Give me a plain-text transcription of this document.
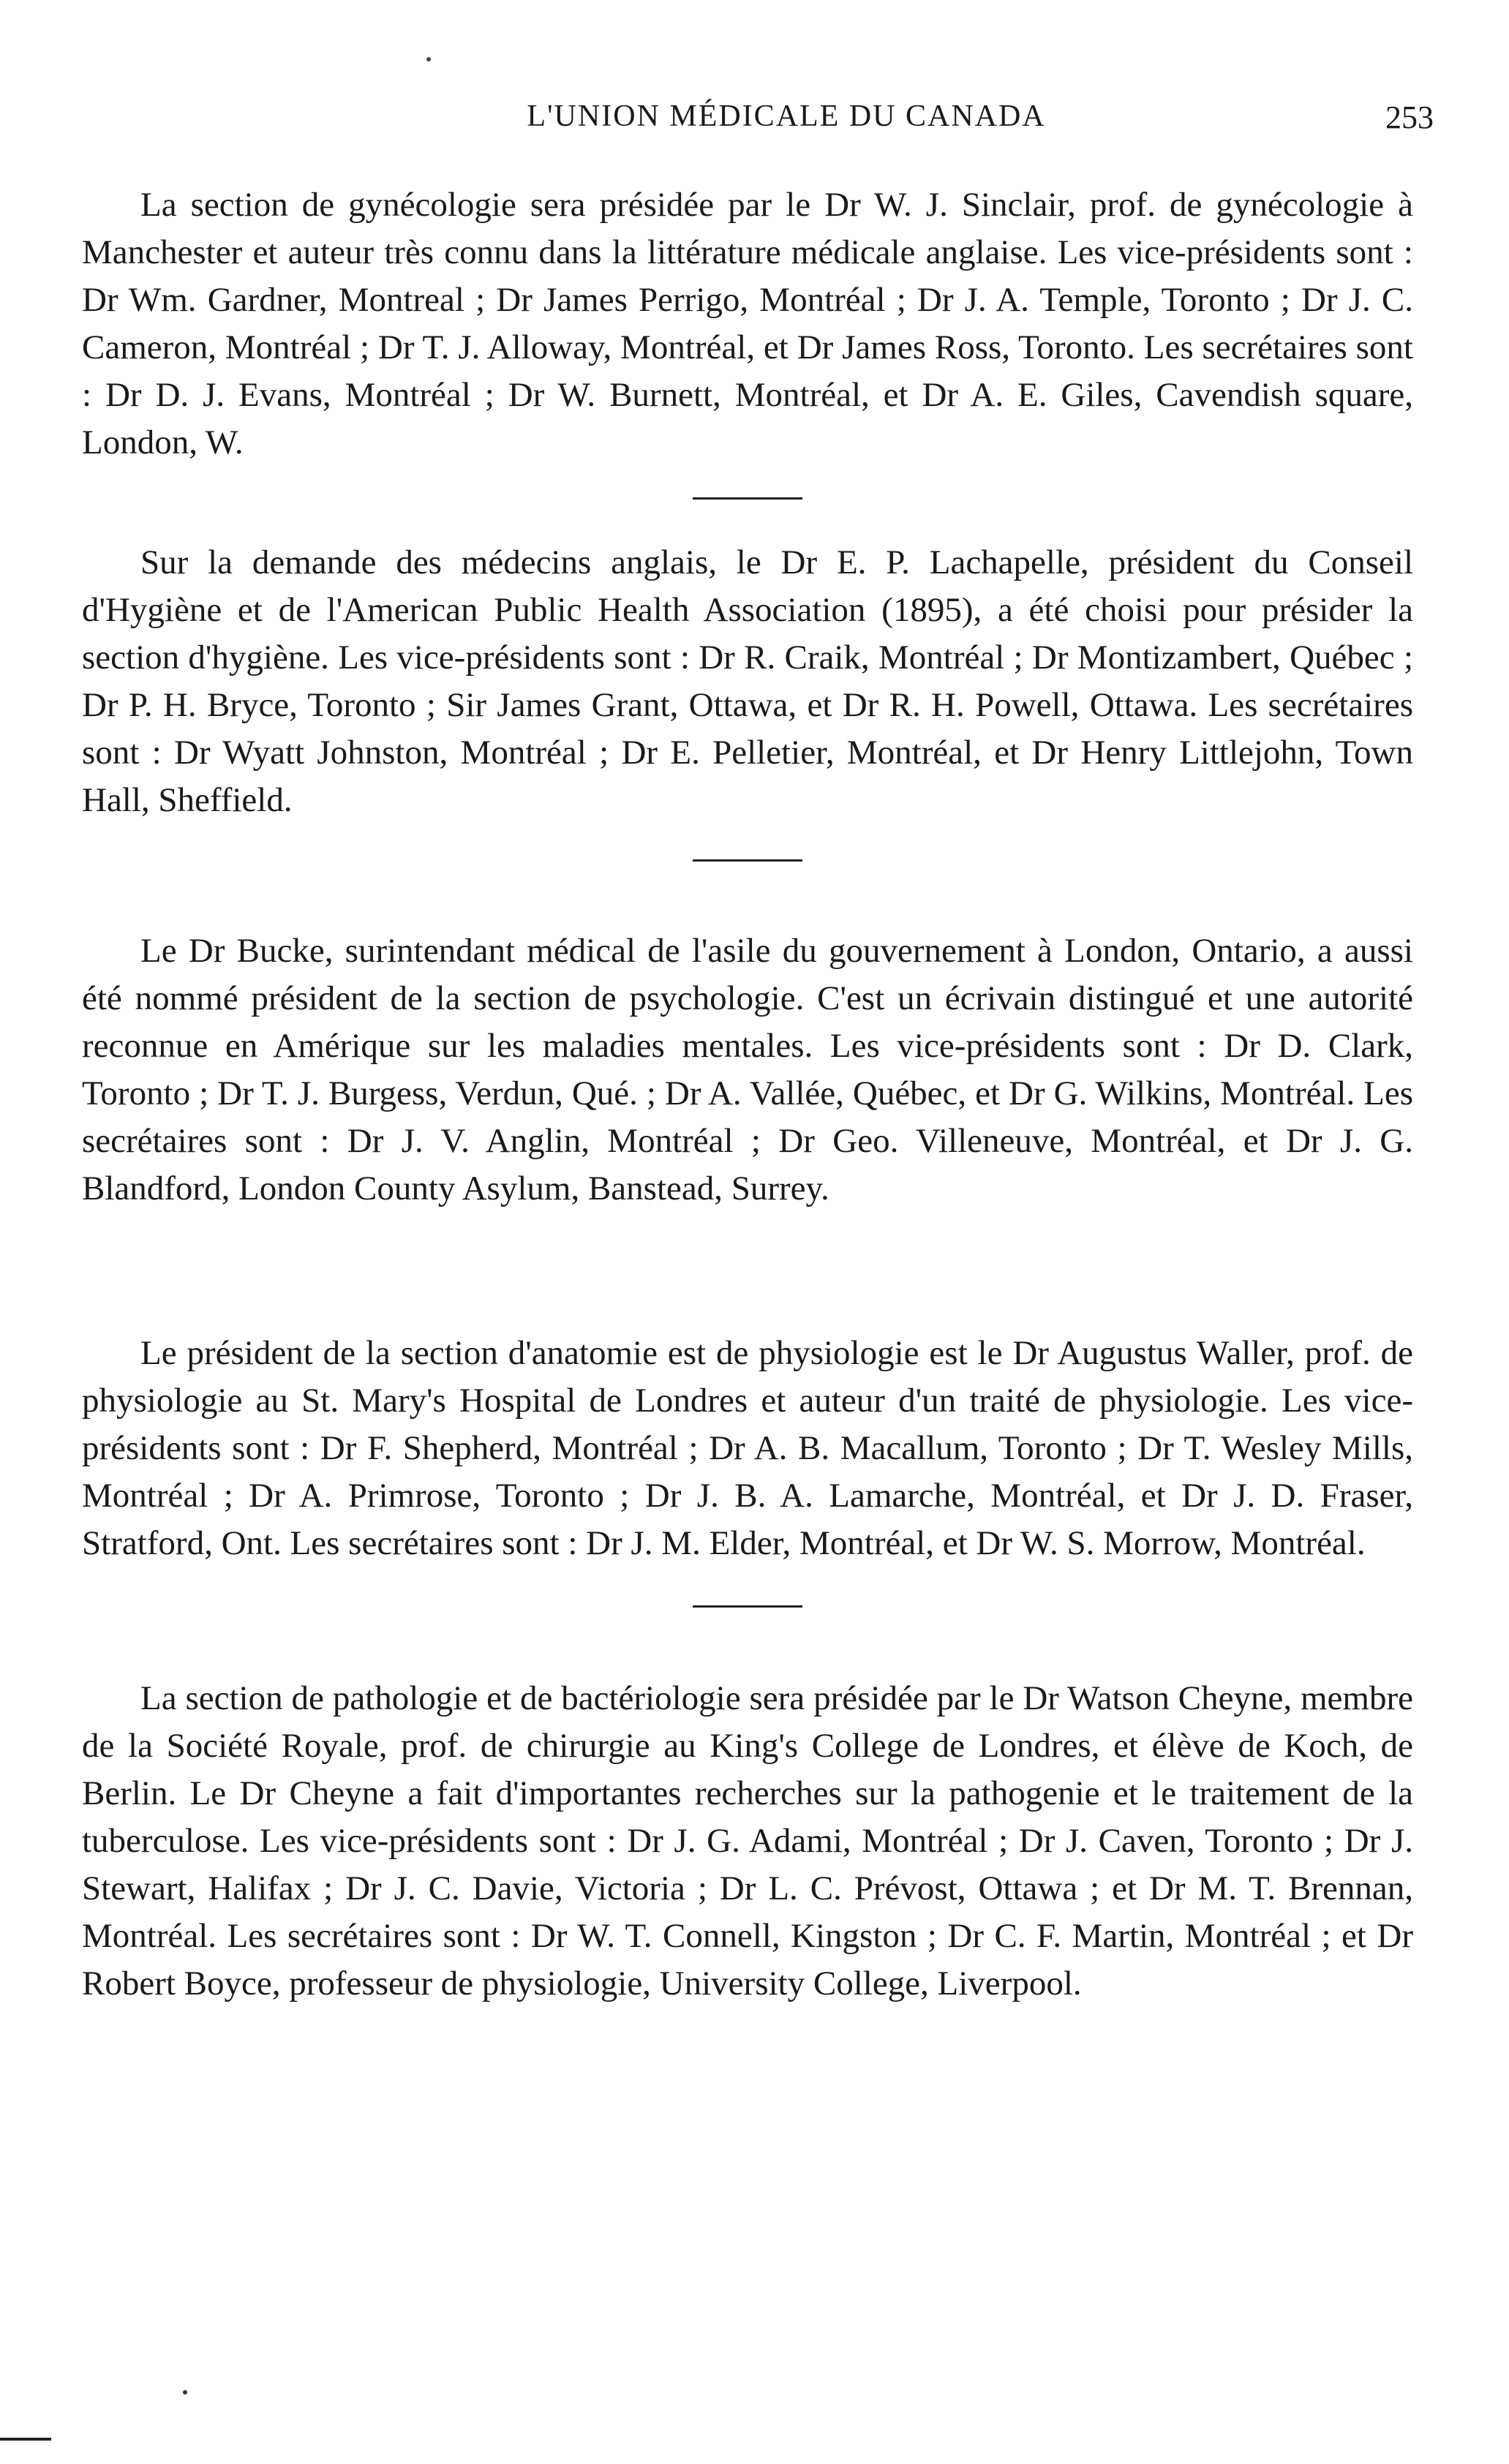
L'UNION MÉDICALE DU CANADA	253

La section de gynécologie sera présidée par le Dr W. J. Sinclair, prof. de gynécologie à Manchester et auteur très connu dans la littérature médicale anglaise. Les vice-présidents sont : Dr Wm. Gardner, Montreal ; Dr James Perrigo, Montréal ; Dr J. A. Temple, Toronto ; Dr J. C. Cameron, Montréal ; Dr T. J. Alloway, Montréal, et Dr James Ross, Toronto. Les secrétaires sont : Dr D. J. Evans, Montréal ; Dr W. Burnett, Montréal, et Dr A. E. Giles, Cavendish square, London, W.

Sur la demande des médecins anglais, le Dr E. P. Lachapelle, président du Conseil d'Hygiène et de l'American Public Health Association (1895), a été choisi pour présider la section d'hygiène. Les vice-présidents sont : Dr R. Craik, Montréal ; Dr Montizambert, Québec ; Dr P. H. Bryce, Toronto ; Sir James Grant, Ottawa, et Dr R. H. Powell, Ottawa. Les secrétaires sont : Dr Wyatt Johnston, Montréal ; Dr E. Pelletier, Montréal, et Dr Henry Littlejohn, Town Hall, Sheffield.

Le Dr Bucke, surintendant médical de l'asile du gouvernement à London, Ontario, a aussi été nommé président de la section de psychologie. C'est un écrivain distingué et une autorité reconnue en Amérique sur les maladies mentales. Les vice-présidents sont : Dr D. Clark, Toronto ; Dr T. J. Burgess, Verdun, Qué. ; Dr A. Vallée, Québec, et Dr G. Wilkins, Montréal. Les secrétaires sont : Dr J. V. Anglin, Montréal ; Dr Geo. Villeneuve, Montréal, et Dr J. G. Blandford, London County Asylum, Banstead, Surrey.

Le président de la section d'anatomie est de physiologie est le Dr Augustus Waller, prof. de physiologie au St. Mary's Hospital de Londres et auteur d'un traité de physiologie. Les vice-présidents sont : Dr F. Shepherd, Montréal ; Dr A. B. Macallum, Toronto ; Dr T. Wesley Mills, Montréal ; Dr A. Primrose, Toronto ; Dr J. B. A. Lamarche, Montréal, et Dr J. D. Fraser, Stratford, Ont. Les secrétaires sont : Dr J. M. Elder, Montréal, et Dr W. S. Morrow, Montréal.

La section de pathologie et de bactériologie sera présidée par le Dr Watson Cheyne, membre de la Société Royale, prof. de chirurgie au King's College de Londres, et élève de Koch, de Berlin. Le Dr Cheyne a fait d'importantes recherches sur la pathogenie et le traitement de la tuberculose. Les vice-présidents sont : Dr J. G. Adami, Montréal ; Dr J. Caven, Toronto ; Dr J. Stewart, Halifax ; Dr J. C. Davie, Victoria ; Dr L. C. Prévost, Ottawa ; et Dr M. T. Brennan, Montréal. Les secrétaires sont : Dr W. T. Connell, Kingston ; Dr C. F. Martin, Montréal ; et Dr Robert Boyce, professeur de physiologie, University College, Liverpool.
